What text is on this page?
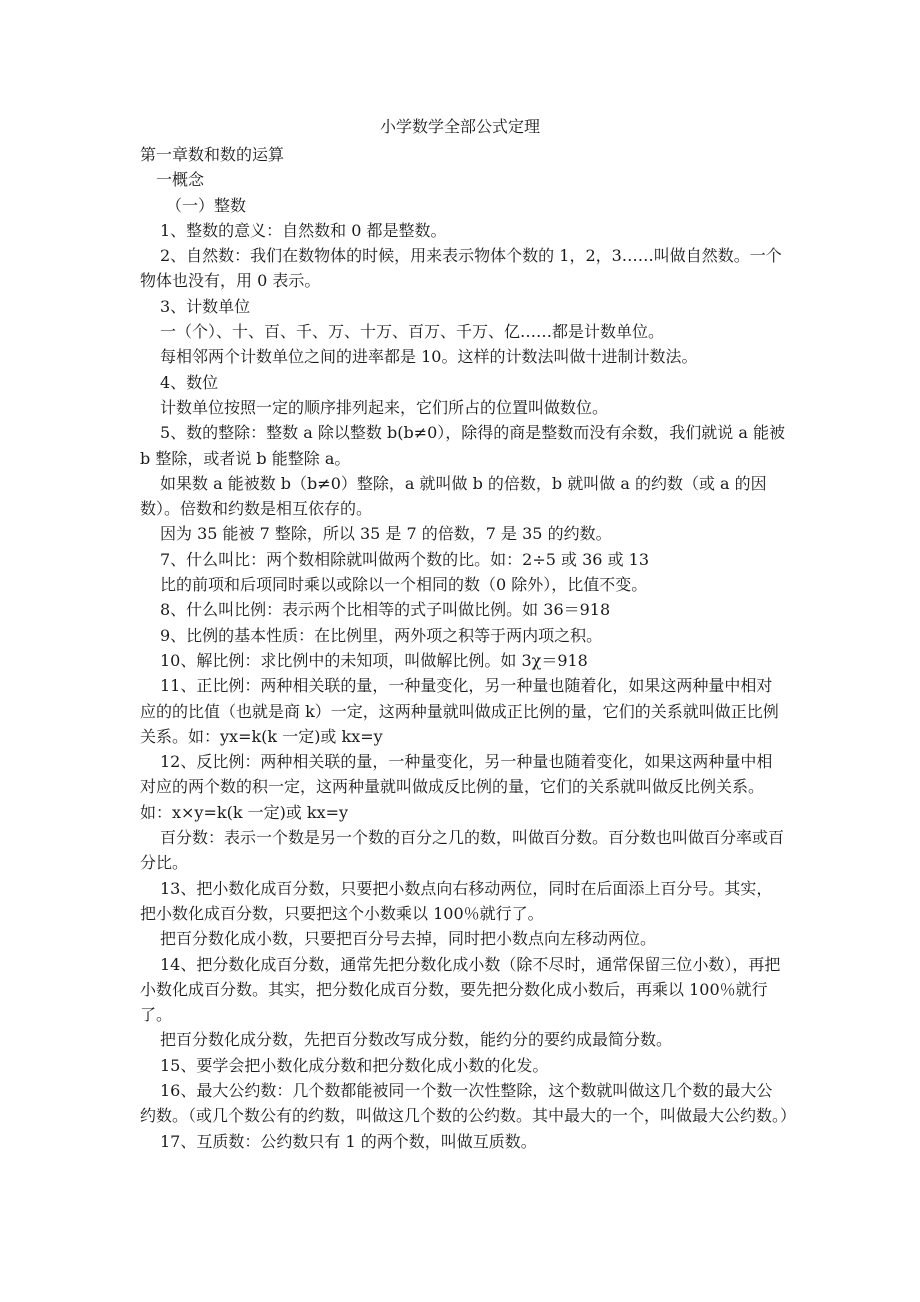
小学数学全部公式定理

第一章数和数的运算

一概念

（一）整数

1、整数的意义：自然数和 0 都是整数。

2、自然数：我们在数物体的时候，用来表示物体个数的 1，2，3……叫做自然数。一个物体也没有，用 0 表示。

3、计数单位

一（个）、十、百、千、万、十万、百万、千万、亿……都是计数单位。

每相邻两个计数单位之间的进率都是 10。这样的计数法叫做十进制计数法。

4、数位

计数单位按照一定的顺序排列起来，它们所占的位置叫做数位。

5、数的整除：整数 a 除以整数 b(b≠0），除得的商是整数而没有余数，我们就说 a 能被 b 整除，或者说 b 能整除 a。

如果数 a 能被数 b（b≠0）整除，a 就叫做 b 的倍数，b 就叫做 a 的约数（或 a 的因数）。倍数和约数是相互依存的。

因为 35 能被 7 整除，所以 35 是 7 的倍数，7 是 35 的约数。

7、什么叫比：两个数相除就叫做两个数的比。如：2÷5 或 36 或 13

比的前项和后项同时乘以或除以一个相同的数（0 除外），比值不变。

8、什么叫比例：表示两个比相等的式子叫做比例。如 36＝918

9、比例的基本性质：在比例里，两外项之积等于两内项之积。

10、解比例：求比例中的未知项，叫做解比例。如 3χ＝918

11、正比例：两种相关联的量，一种量变化，另一种量也随着化，如果这两种量中相对应的的比值（也就是商 k）一定，这两种量就叫做成正比例的量，它们的关系就叫做正比例关系。如：yx=k(k 一定)或 kx=y

12、反比例：两种相关联的量，一种量变化，另一种量也随着变化，如果这两种量中相对应的两个数的积一定，这两种量就叫做成反比例的量，它们的关系就叫做反比例关系。如：x×y=k(k 一定)或 kx=y

百分数：表示一个数是另一个数的百分之几的数，叫做百分数。百分数也叫做百分率或百分比。

13、把小数化成百分数，只要把小数点向右移动两位，同时在后面添上百分号。其实，把小数化成百分数，只要把这个小数乘以 100％就行了。

把百分数化成小数，只要把百分号去掉，同时把小数点向左移动两位。

14、把分数化成百分数，通常先把分数化成小数（除不尽时，通常保留三位小数），再把小数化成百分数。其实，把分数化成百分数，要先把分数化成小数后，再乘以 100％就行了。

把百分数化成分数，先把百分数改写成分数，能约分的要约成最简分数。

15、要学会把小数化成分数和把分数化成小数的化发。

16、最大公约数：几个数都能被同一个数一次性整除，这个数就叫做这几个数的最大公约数。（或几个数公有的约数，叫做这几个数的公约数。其中最大的一个，叫做最大公约数。）

17、互质数：公约数只有 1 的两个数，叫做互质数。
